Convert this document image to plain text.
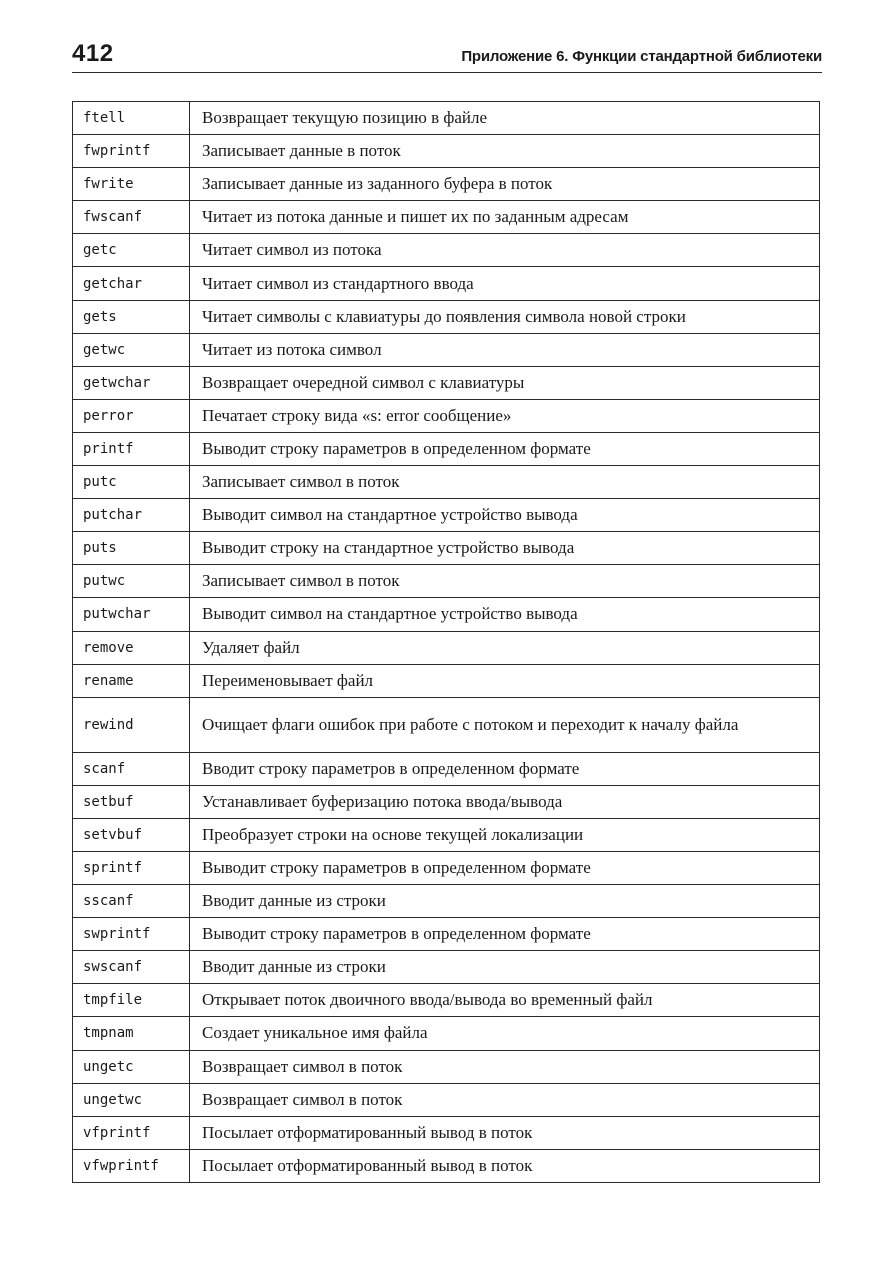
412	Приложение 6. Функции стандартной библиотеки
ftell	Возвращает текущую позицию в файле
fwprintf	Записывает данные в поток
fwrite	Записывает данные из заданного буфера в поток
fwscanf	Читает из потока данные и пишет их по заданным адресам
getc	Читает символ из потока
getchar	Читает символ из стандартного ввода
gets	Читает символы с клавиатуры до появления символа новой строки
getwc	Читает из потока символ
getwchar	Возвращает очередной символ с клавиатуры
perror	Печатает строку вида «s: error сообщение»
printf	Выводит строку параметров в определенном формате
putc	Записывает символ в поток
putchar	Выводит символ на стандартное устройство вывода
puts	Выводит строку на стандартное устройство вывода
putwc	Записывает символ в поток
putwchar	Выводит символ на стандартное устройство вывода
remove	Удаляет файл
rename	Переименовывает файл
rewind	Очищает флаги ошибок при работе с потоком и переходит к началу файла
scanf	Вводит строку параметров в определенном формате
setbuf	Устанавливает буферизацию потока ввода/вывода
setvbuf	Преобразует строки на основе текущей локализации
sprintf	Выводит строку параметров в определенном формате
sscanf	Вводит данные из строки
swprintf	Выводит строку параметров в определенном формате
swscanf	Вводит данные из строки
tmpfile	Открывает поток двоичного ввода/вывода во временный файл
tmpnam	Создает уникальное имя файла
ungetc	Возвращает символ в поток
ungetwc	Возвращает символ в поток
vfprintf	Посылает отформатированный вывод в поток
vfwprintf	Посылает отформатированный вывод в поток
